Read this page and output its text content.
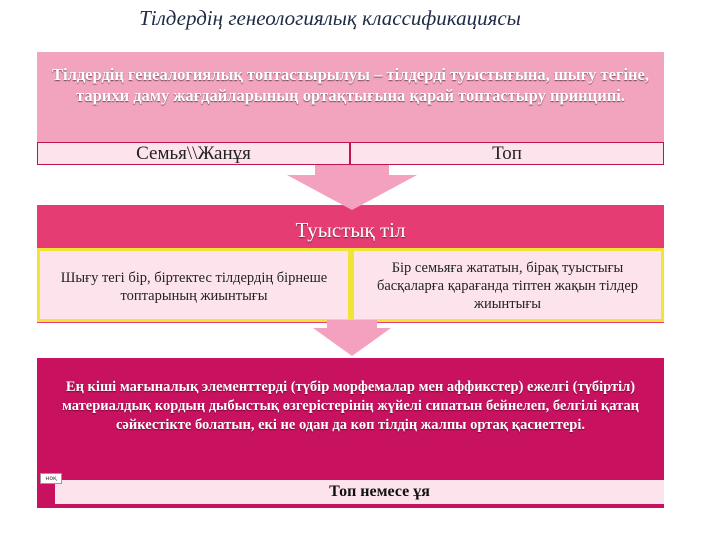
Тілдердің генеологиялық классификациясы
Тілдердің генеалогиялық топтастырылуы – тілдерді туыстығына, шығу тегіне, тарихи даму жағдайларының ортақтығына қарай топтастыру принципі.
Семья\\Жанұя	Топ
Туыстық тіл
Шығу тегі бір, біртектес тілдердің бірнеше топтарының жиынтығы
Бір семьяға жататын, бірақ туыстығы басқаларға қарағанда тіптен жақын тілдер жиынтығы
Ең кіші мағыналық элементтерді (түбір морфемалар мен аффикстер) ежелгі (түбіртіл) материалдық кордың дыбыстық өзгерістерінің жүйелі сипатын бейнелеп, белгілі қатаң сәйкестікте болатын, екі не одан да көп тілдің жалпы ортақ қасиеттері.
Топ немесе ұя
ноқ
